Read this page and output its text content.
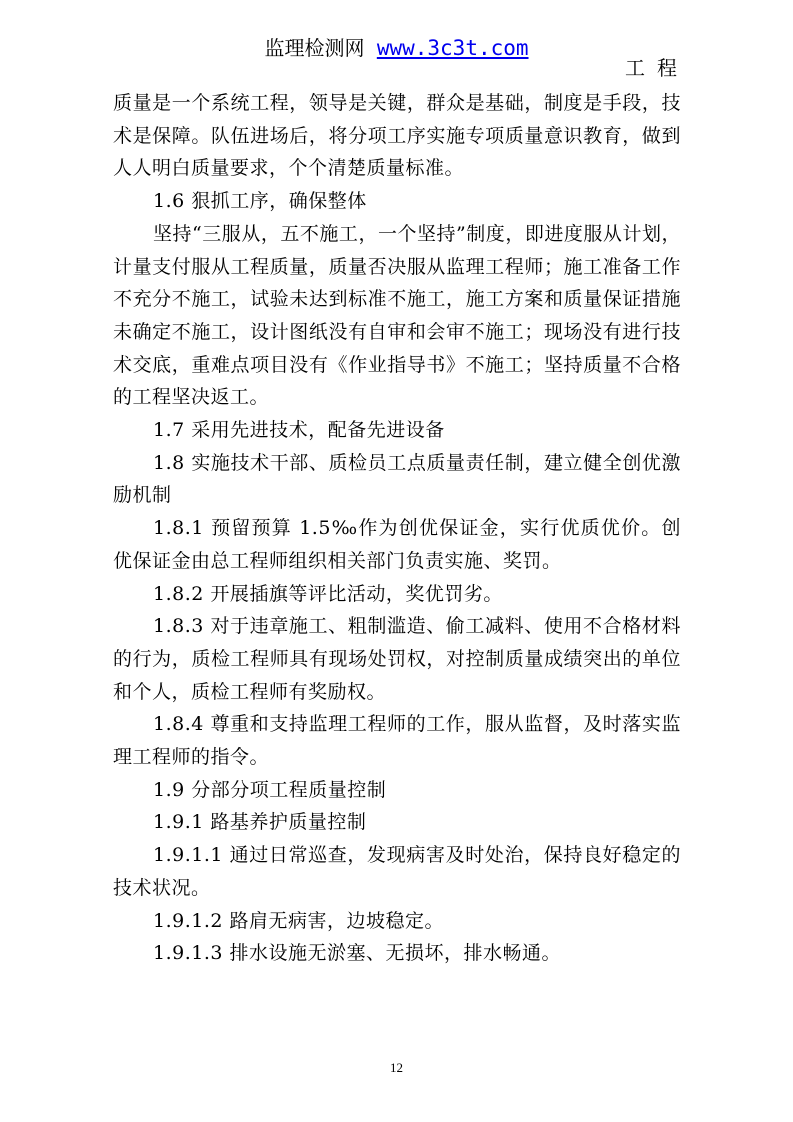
监理检测网 www.3c3t.com
工程

质量是一个系统工程，领导是关键，群众是基础，制度是手段，技术是保障。队伍进场后，将分项工序实施专项质量意识教育，做到人人明白质量要求，个个清楚质量标准。

1.6 狠抓工序，确保整体

坚持“三服从，五不施工，一个坚持”制度，即进度服从计划，计量支付服从工程质量，质量否决服从监理工程师；施工准备工作不充分不施工，试验未达到标准不施工，施工方案和质量保证措施未确定不施工，设计图纸没有自审和会审不施工；现场没有进行技术交底，重难点项目没有《作业指导书》不施工；坚持质量不合格的工程坚决返工。

1.7 采用先进技术，配备先进设备

1.8 实施技术干部、质检员工点质量责任制，建立健全创优激励机制

1.8.1 预留预算 1.5‰作为创优保证金，实行优质优价。创优保证金由总工程师组织相关部门负责实施、奖罚。

1.8.2 开展插旗等评比活动，奖优罚劣。

1.8.3 对于违章施工、粗制滥造、偷工减料、使用不合格材料的行为，质检工程师具有现场处罚权，对控制质量成绩突出的单位和个人，质检工程师有奖励权。

1.8.4 尊重和支持监理工程师的工作，服从监督，及时落实监理工程师的指令。

1.9 分部分项工程质量控制

1.9.1 路基养护质量控制

1.9.1.1 通过日常巡查，发现病害及时处治，保持良好稳定的技术状况。

1.9.1.2 路肩无病害，边坡稳定。

1.9.1.3 排水设施无淤塞、无损坏，排水畅通。

12
